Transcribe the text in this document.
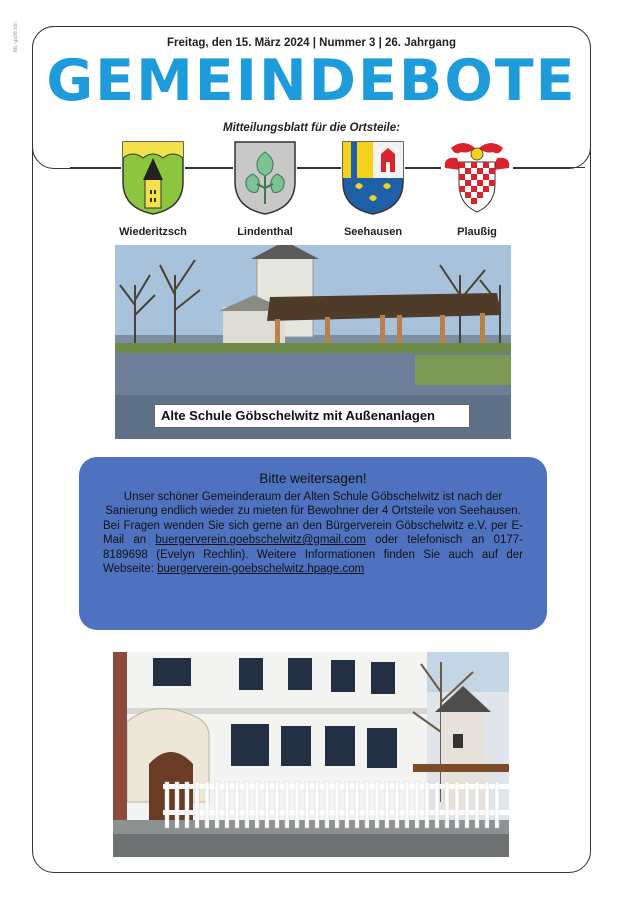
ML-gs08.tdn	Freitag, den 15. März 2024 | Nummer 3 | 26. Jahrgang
GEMEINDEBOTE
Mitteilungsblatt für die Ortsteile:
Wiederitzsch	Lindenthal	Seehausen	Plaußig
Alte Schule Göbschelwitz mit Außenanlagen
Bitte weitersagen!
Unser schöner Gemeinderaum der Alten Schule Göbschelwitz ist nach der Sanierung endlich wieder zu mieten für Bewohner der 4 Ortsteile von Seehausen.
Bei Fragen wenden Sie sich gerne an den Bürgerverein Göbschelwitz e.V. per E-Mail an buergerverein.goebschelwitz@gmail.com oder telefonisch an 0177-8189698 (Evelyn Rechlin). Weitere Informationen finden Sie auch auf der Webseite: buergerverein-goebschelwitz.hpage.com
